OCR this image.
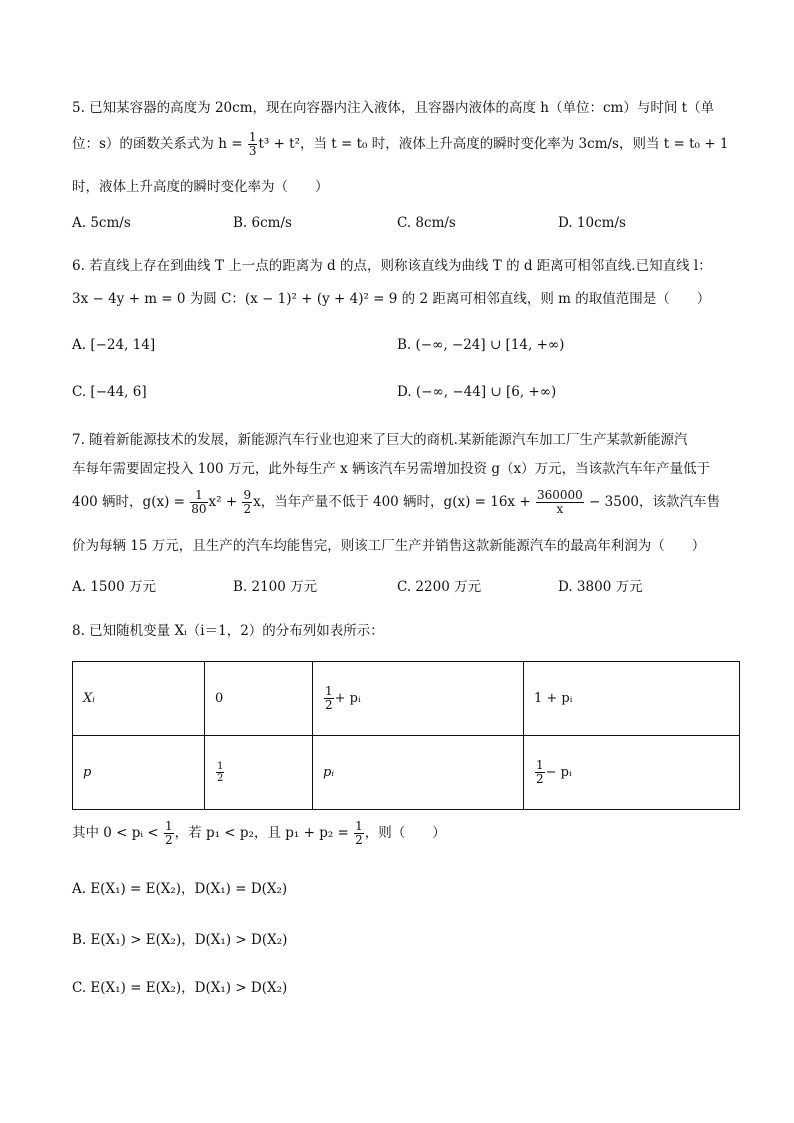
5. 已知某容器的高度为 20cm，现在向容器内注入液体，且容器内液体的高度 h（单位：cm）与时间 t（单
位：s）的函数关系式为 $h = \frac{1}{3} t^3 + t^2$，当 t = t₀ 时，液体上升高度的瞬时变化率为 3cm/s，则当 t = t₀ + 1
时，液体上升高度的瞬时变化率为（　　）
A. 5cm/s	B. 6cm/s	C. 8cm/s	D. 10cm/s
6. 若直线上存在到曲线 T 上一点的距离为 d 的点，则称该直线为曲线 T 的 d 距离可相邻直线.已知直线 l：
3x − 4y + m = 0 为圆 C：(x − 1)² + (y + 4)² = 9 的 2 距离可相邻直线，则 m 的取值范围是（　　）
A. [−24, 14]	B. (−∞, −24] ∪ [14, +∞)
C. [−44, 6]	D. (−∞, −44] ∪ [6, +∞)
7. 随着新能源技术的发展，新能源汽车行业也迎来了巨大的商机.某新能源汽车加工厂生产某款新能源汽
车每年需要固定投入 100 万元，此外每生产 x 辆该汽车另需增加投资 g（x）万元，当该款汽车年产量低于
400 辆时，$g(x) = \frac{1}{80} x^2 + \frac{9}{2}$ x，当年产量不低于 400 辆时，$g(x) = 16x + \frac{360000}{x} - 3500$，该款汽车售
价为每辆 15 万元，且生产的汽车均能售完，则该工厂生产并销售这款新能源汽车的最高年利润为（　　）
A. 1500 万元	B. 2100 万元	C. 2200 万元	D. 3800 万元
8. 已知随机变量 Xᵢ（i＝1，2）的分布列如表所示：
Xᵢ	0	$\frac{1}{2}$ + pᵢ	1 + pᵢ
p	$\frac{1}{2}$	pᵢ	$\frac{1}{2}$ − pᵢ
其中 0 < pᵢ < $\frac{1}{2}$ ，若 p₁ < p₂，且 $p_1 + p_2 = \frac{1}{2}$ ，则（　　）
A. E(X₁) = E(X₂)，D(X₁) = D(X₂)
B. E(X₁) > E(X₂)，D(X₁) > D(X₂)
C. E(X₁) = E(X₂)，D(X₁) > D(X₂)
